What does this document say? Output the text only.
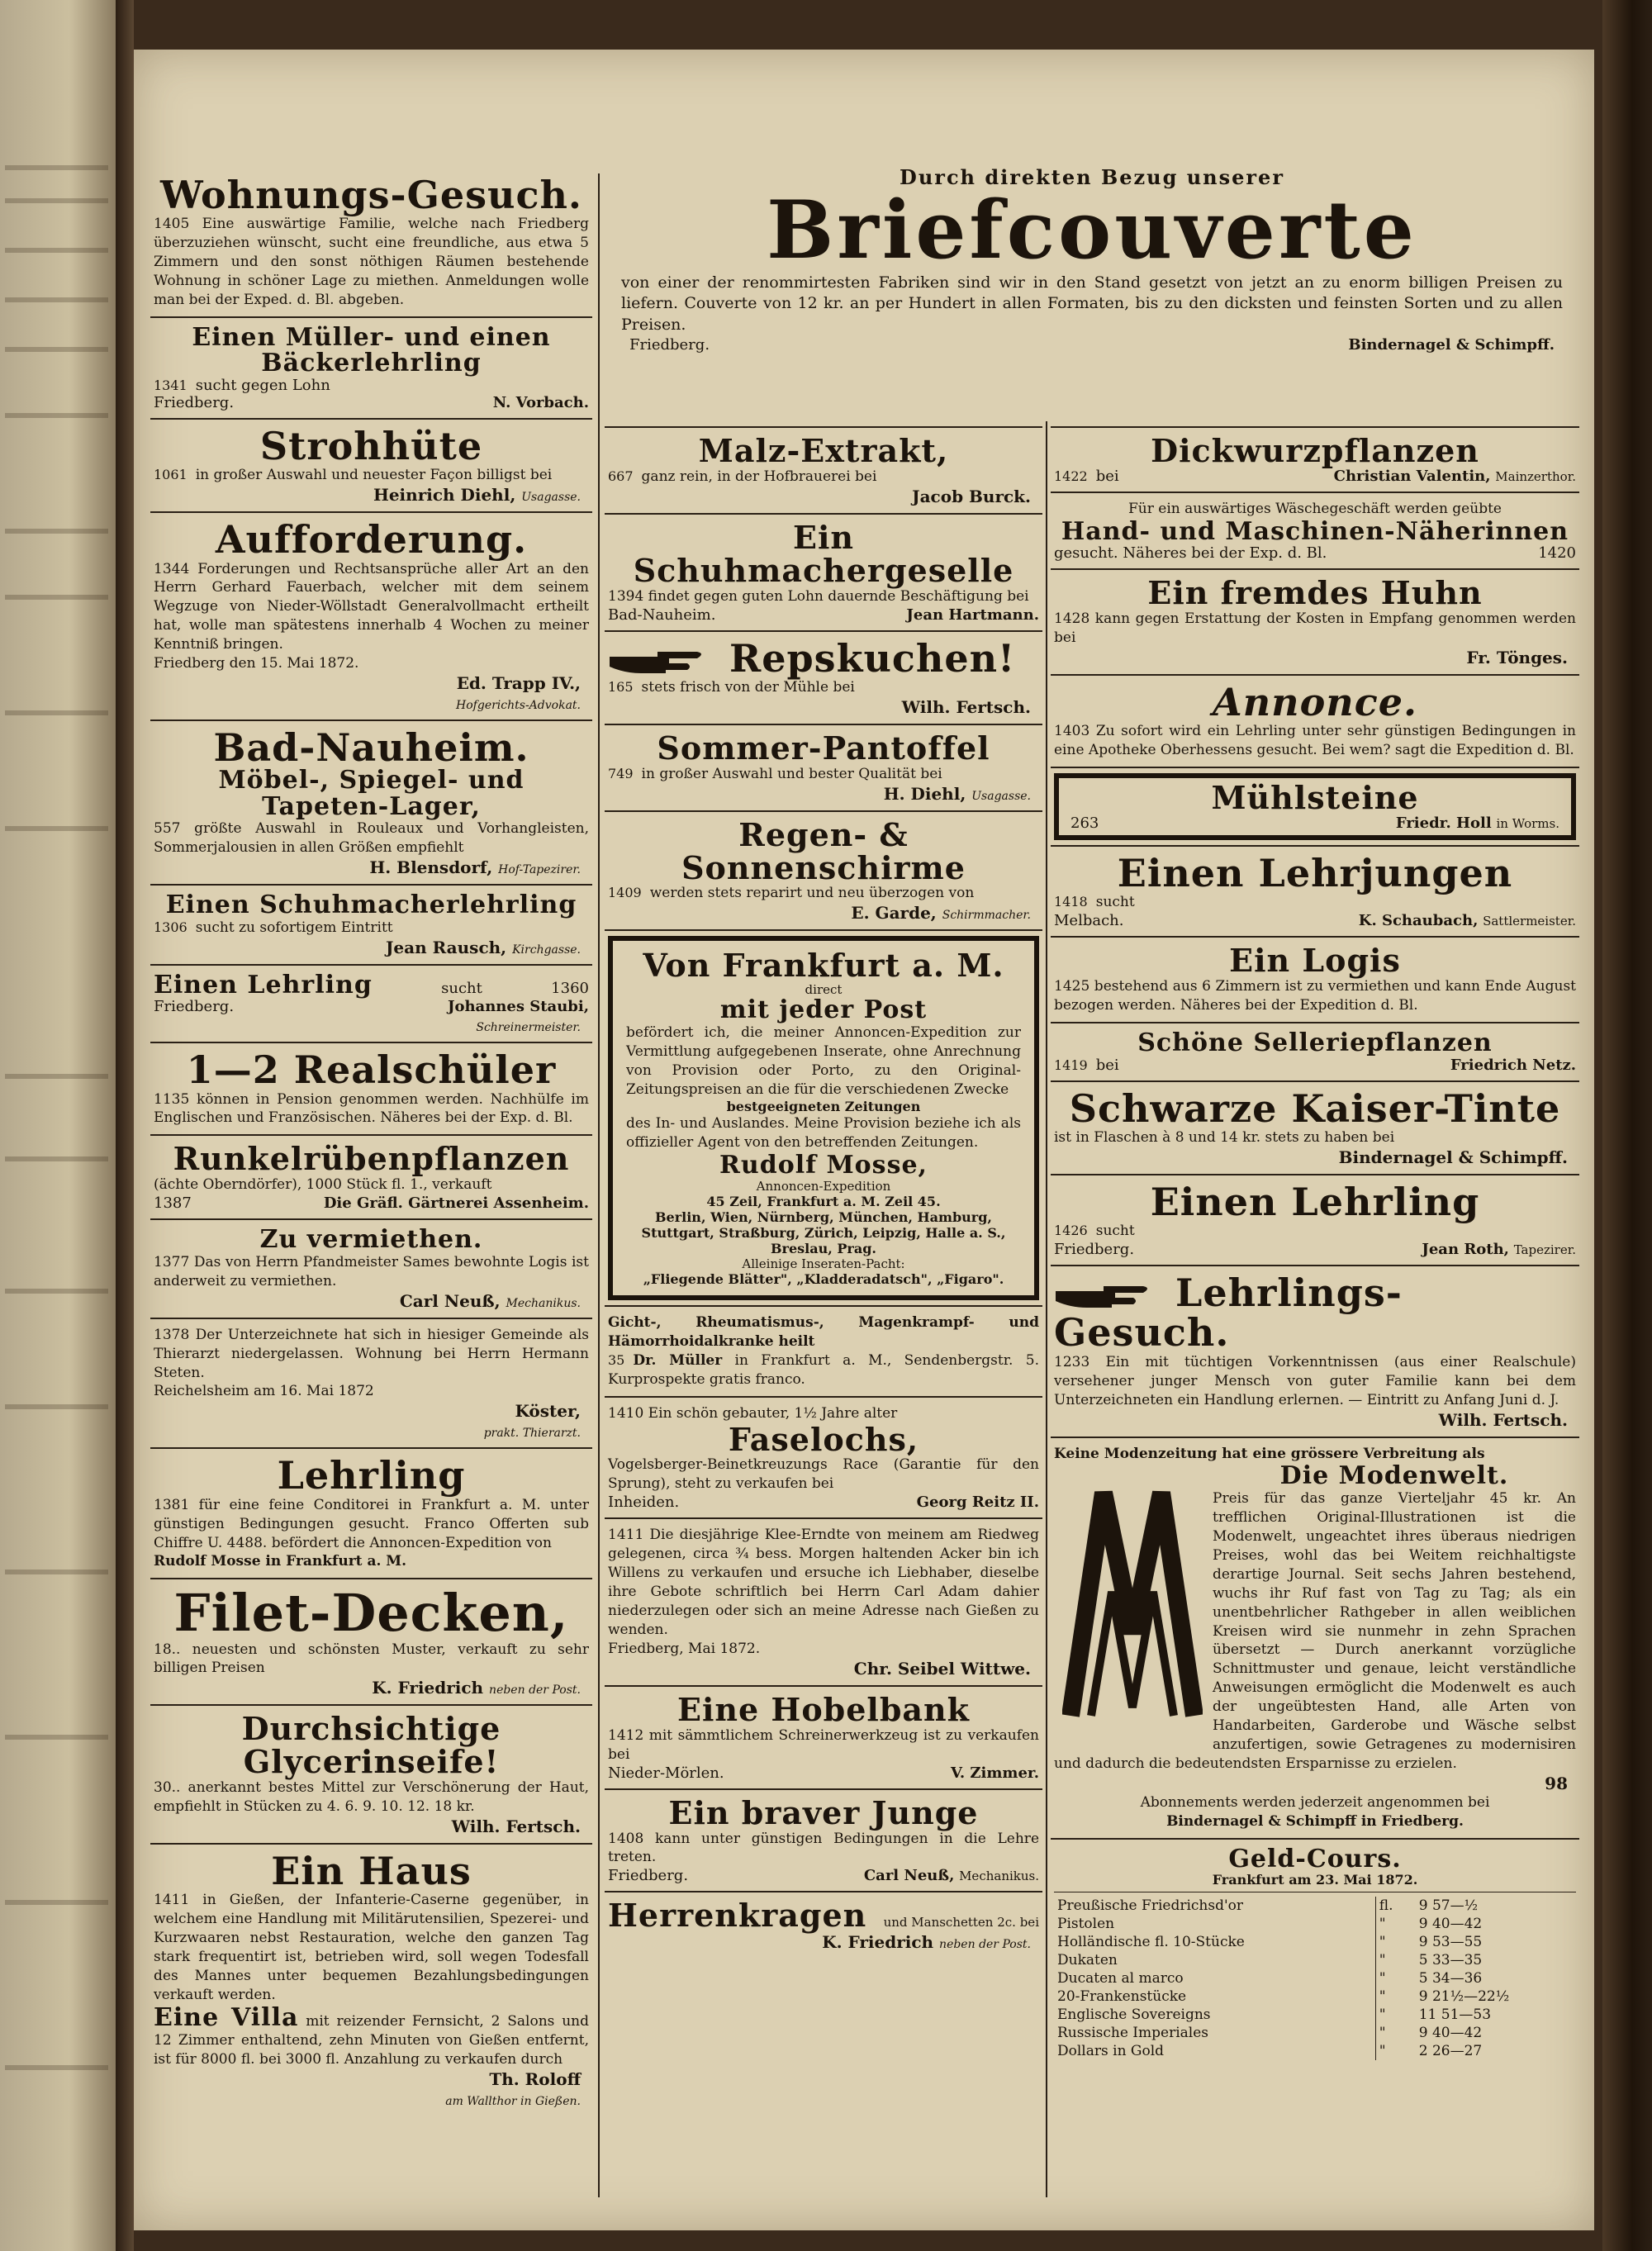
Durch direkten Bezug unserer
Briefcouverte
von einer der renommirtesten Fabriken sind wir in den Stand gesetzt von jetzt an zu enorm billigen Preisen zu liefern. Couverte von 12 kr. an per Hundert in allen Formaten, bis zu den dicksten und feinsten Sorten und zu allen Preisen.
Friedberg.	Bindernagel & Schimpff.
Wohnungs-Gesuch.
1405 Eine auswärtige Familie, welche nach Friedberg überzuziehen wünscht, sucht eine freundliche, aus etwa 5 Zimmern und den sonst nöthigen Räumen bestehende Wohnung in schöner Lage zu miethen. Anmeldungen wolle man bei der Exped. d. Bl. abgeben.
Einen Müller- und einen Bäckerlehrling
1341 sucht gegen Lohn
Friedberg.	N. Vorbach.
Strohhüte
1061 in großer Auswahl und neuester Façon billigst bei
Heinrich Diehl, Usagasse.
Aufforderung.
1344 Forderungen und Rechtsansprüche aller Art an den Herrn Gerhard Fauerbach, welcher mit dem seinem Wegzuge von Nieder-Wöllstadt Generalvollmacht ertheilt hat, wolle man spätestens innerhalb 4 Wochen zu meiner Kenntniß bringen.
Friedberg den 15. Mai 1872.
Ed. Trapp IV.,
Hofgerichts-Advokat.
Bad-Nauheim.
Möbel-, Spiegel- und Tapeten-Lager,
557 größte Auswahl in Rouleaux und Vorhangleisten, Sommerjalousien in allen Größen empfiehlt
H. Blensdorf, Hof-Tapezirer.
Einen Schuhmacherlehrling
1306 sucht zu sofortigem Eintritt
Jean Rausch, Kirchgasse.
Einen Lehrling	sucht	1360
Friedberg.	Johannes Staubi,
Schreinermeister.
1—2 Realschüler
1135 können in Pension genommen werden. Nachhülfe im Englischen und Französischen. Näheres bei der Exp. d. Bl.
Runkelrübenpflanzen
(ächte Oberndörfer), 1000 Stück fl. 1., verkauft
1387	Die Gräfl. Gärtnerei Assenheim.
Zu vermiethen.
1377 Das von Herrn Pfandmeister Sames bewohnte Logis ist anderweit zu vermiethen.
Carl Neuß, Mechanikus.
1378 Der Unterzeichnete hat sich in hiesiger Gemeinde als Thierarzt niedergelassen. Wohnung bei Herrn Hermann Steten.
Reichelsheim am 16. Mai 1872
Köster,
prakt. Thierarzt.
Lehrling
1381 für eine feine Conditorei in Frankfurt a. M. unter günstigen Bedingungen gesucht. Franco Offerten sub Chiffre U. 4488. befördert die Annoncen-Expedition von
Rudolf Mosse in Frankfurt a. M.
Filet-Decken,
18.. neuesten und schönsten Muster, verkauft zu sehr billigen Preisen
K. Friedrich neben der Post.
Durchsichtige Glycerinseife!
30.. anerkannt bestes Mittel zur Verschönerung der Haut, empfiehlt in Stücken zu 4. 6. 9. 10. 12. 18 kr.
Wilh. Fertsch.
Ein Haus
1411 in Gießen, der Infanterie-Caserne gegenüber, in welchem eine Handlung mit Militärutensilien, Spezerei- und Kurzwaaren nebst Restauration, welche den ganzen Tag stark frequentirt ist, betrieben wird, soll wegen Todesfall des Mannes unter bequemen Bezahlungsbedingungen verkauft werden.
Eine Villa mit reizender Fernsicht, 2 Salons und 12 Zimmer enthaltend, zehn Minuten von Gießen entfernt, ist für 8000 fl. bei 3000 fl. Anzahlung zu verkaufen durch
Th. Roloff
am Wallthor in Gießen.
Malz-Extrakt,
667 ganz rein, in der Hofbrauerei bei
Jacob Burck.
Ein Schuhmachergeselle
1394 findet gegen guten Lohn dauernde Beschäftigung bei
Bad-Nauheim.	Jean Hartmann.
Repskuchen!
165 stets frisch von der Mühle bei
Wilh. Fertsch.
Sommer-Pantoffel
749 in großer Auswahl und bester Qualität bei
H. Diehl, Usagasse.
Regen- & Sonnenschirme
1409 werden stets reparirt und neu überzogen von
E. Garde, Schirmmacher.
Von Frankfurt a. M.
direct
mit jeder Post
befördert ich, die meiner Annoncen-Expedition zur Vermittlung aufgegebenen Inserate, ohne Anrechnung von Provision oder Porto, zu den Original-Zeitungspreisen an die für die verschiedenen Zwecke
bestgeeigneten Zeitungen
des In- und Auslandes. Meine Provision beziehe ich als offizieller Agent von den betreffenden Zeitungen.
Rudolf Mosse,
Annoncen-Expedition
45 Zeil, Frankfurt a. M. Zeil 45.
Berlin, Wien, Nürnberg, München, Hamburg, Stuttgart, Straßburg, Zürich, Leipzig, Halle a. S., Breslau, Prag.
Alleinige Inseraten-Pacht:
„Fliegende Blätter", „Kladderadatsch", „Figaro".
Gicht-, Rheumatismus-, Magenkrampf- und Hämorrhoidalkranke heilt
35 Dr. Müller in Frankfurt a. M., Sendenbergstr. 5. Kurprospekte gratis franco.
1410 Ein schön gebauter, 1½ Jahre alter
Faselochs,
Vogelsberger-Beinetkreuzungs Race (Garantie für den Sprung), steht zu verkaufen bei
Inheiden.	Georg Reitz II.
1411 Die diesjährige Klee-Erndte von meinem am Riedweg gelegenen, circa ¾ bess. Morgen haltenden Acker bin ich Willens zu verkaufen und ersuche ich Liebhaber, dieselbe ihre Gebote schriftlich bei Herrn Carl Adam dahier niederzulegen oder sich an meine Adresse nach Gießen zu wenden.
Friedberg, Mai 1872.
Chr. Seibel Wittwe.
Eine Hobelbank
1412 mit sämmtlichem Schreinerwerkzeug ist zu verkaufen bei
Nieder-Mörlen.	V. Zimmer.
Ein braver Junge
1408 kann unter günstigen Bedingungen in die Lehre treten.
Friedberg.	Carl Neuß, Mechanikus.
Herrenkragen und Manschetten 2c. bei
K. Friedrich neben der Post.
Dickwurzpflanzen
1422 bei	Christian Valentin, Mainzerthor.
Für ein auswärtiges Wäschegeschäft werden geübte
Hand- und Maschinen-Näherinnen
gesucht. Näheres bei der Exp. d. Bl.	1420
Ein fremdes Huhn
1428 kann gegen Erstattung der Kosten in Empfang genommen werden bei
Fr. Tönges.
Annonce.
1403 Zu sofort wird ein Lehrling unter sehr günstigen Bedingungen in eine Apotheke Oberhessens gesucht. Bei wem? sagt die Expedition d. Bl.
Mühlsteine
263	Friedr. Holl in Worms.
Einen Lehrjungen
1418 sucht
Melbach.	K. Schaubach, Sattlermeister.
Ein Logis
1425 bestehend aus 6 Zimmern ist zu vermiethen und kann Ende August bezogen werden. Näheres bei der Expedition d. Bl.
Schöne Selleriepflanzen
1419 bei	Friedrich Netz.
Schwarze Kaiser-Tinte
ist in Flaschen à 8 und 14 kr. stets zu haben bei
Bindernagel & Schimpff.
Einen Lehrling
1426 sucht
Friedberg.	Jean Roth, Tapezirer.
Lehrlings-Gesuch.
1233 Ein mit tüchtigen Vorkenntnissen (aus einer Realschule) versehener junger Mensch von guter Familie kann bei dem Unterzeichneten ein Handlung erlernen. — Eintritt zu Anfang Juni d. J.
Wilh. Fertsch.
Keine Modenzeitung hat eine grössere Verbreitung als
Die Modenwelt.
Preis für das ganze Vierteljahr 45 kr. An trefflichen Original-Illustrationen ist die Modenwelt, ungeachtet ihres überaus niedrigen Preises, wohl das bei Weitem reichhaltigste derartige Journal. Seit sechs Jahren bestehend, wuchs ihr Ruf fast von Tag zu Tag; als ein unentbehrlicher Rathgeber in allen weiblichen Kreisen wird sie nunmehr in zehn Sprachen übersetzt — Durch anerkannt vorzügliche Schnittmuster und genaue, leicht verständliche Anweisungen ermöglicht die Modenwelt es auch der ungeübtesten Hand, alle Arten von Handarbeiten, Garderobe und Wäsche selbst anzufertigen, sowie Getragenes zu modernisiren und dadurch die bedeutendsten Ersparnisse zu erzielen.
98
Abonnements werden jederzeit angenommen bei
Bindernagel & Schimpff in Friedberg.
Geld-Cours.
Frankfurt am 23. Mai 1872.
Preußische Friedrichsd'or	fl.	9 57—½
Pistolen	"	9 40—42
Holländische fl. 10-Stücke	"	9 53—55
Dukaten	"	5 33—35
Ducaten al marco	"	5 34—36
20-Frankenstücke	"	9 21½—22½
Englische Sovereigns	"	11 51—53
Russische Imperiales	"	9 40—42
Dollars in Gold	"	2 26—27
